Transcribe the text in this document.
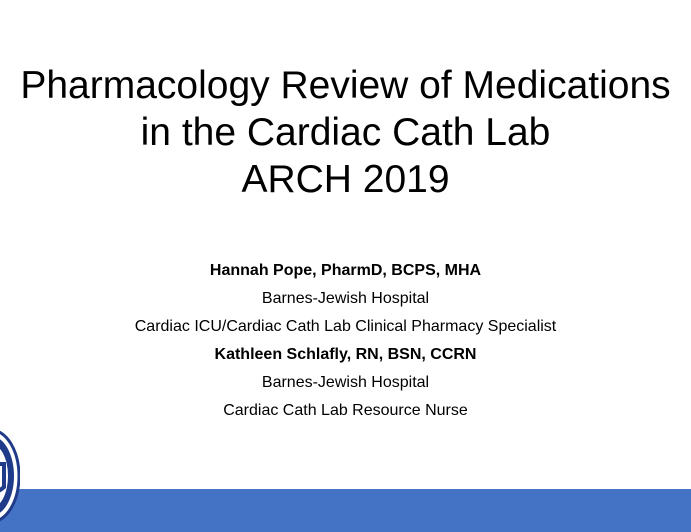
Pharmacology Review of Medications
in the Cardiac Cath Lab
ARCH 2019
Hannah Pope, PharmD, BCPS, MHA
Barnes-Jewish Hospital
Cardiac ICU/Cardiac Cath Lab Clinical Pharmacy Specialist
Kathleen Schlafly, RN, BSN, CCRN
Barnes-Jewish Hospital
Cardiac Cath Lab Resource Nurse
